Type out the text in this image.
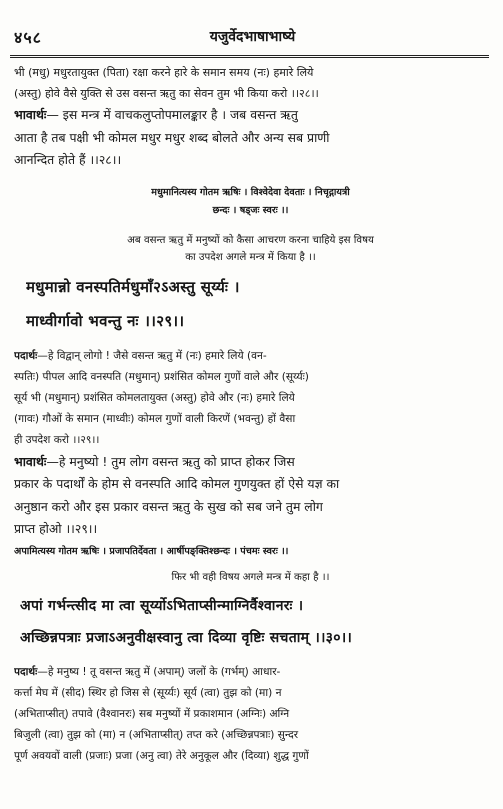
४५८	यजुर्वेदभाषाभाष्ये
भी (मधु) मधुरतायुक्त (पिता) रक्षा करने हारे के समान समय (नः) हमारे लिये
(अस्तु) होवे वैसे युक्ति से उस वसन्त ऋतु का सेवन तुम भी किया करो ।।२८।।
भावार्थः— इस मन्त्र में वाचकलुप्तोपमालङ्कार है । जब वसन्त ऋतु
आता है तब पक्षी भी कोमल मधुर मधुर शब्द बोलते और अन्य सब प्राणी
आनन्दित होते हैं ।।२८।।
मधुमानित्यस्य गोतम ऋषिः । विश्वेदेवा देवताः । निचृद्गायत्री
छन्दः । षड्जः स्वरः ।।
अब वसन्त ऋतु में मनुष्यों को कैसा आचरण करना चाहिये इस विषय
का उपदेश अगले मन्त्र में किया है ।।
मधुमान्नो वनस्पतिर्मधुमाँ२ऽअस्तु सूर्य्यः ।
माध्वीर्गावो भवन्तु नः ।।२९।।
पदार्थः—हे विद्वान् लोगो ! जैसे वसन्त ऋतु में (नः) हमारे लिये (वन-
स्पतिः) पीपल आदि वनस्पति (मधुमान्) प्रशंसित कोमल गुणों वाले और (सूर्य्यः)
सूर्य भी (मधुमान्) प्रशंसित कोमलतायुक्त (अस्तु) होवे और (नः) हमारे लिये
(गावः) गौओं के समान (माध्वीः) कोमल गुणों वाली किरणें (भवन्तु) हों वैसा
ही उपदेश करो ।।२९।।
भावार्थः—हे मनुष्यो ! तुम लोग वसन्त ऋतु को प्राप्त होकर जिस
प्रकार के पदार्थों के होम से वनस्पति आदि कोमल गुणयुक्त हों ऐसे यज्ञ का
अनुष्ठान करो और इस प्रकार वसन्त ऋतु के सुख को सब जने तुम लोग
प्राप्त होओ ।।२९।।
अपामित्यस्य गोतम ऋषिः । प्रजापतिर्देवता । आर्षीपङ्क्तिश्छन्दः । पंचमः स्वरः ।।
फिर भी वही विषय अगले मन्त्र में कहा है ।।
अपां गर्भन्त्सीद मा त्वा सूर्य्योऽभिताप्सीन्माग्निर्वैश्वानरः ।
अच्छिन्नपत्राः प्रजाऽअनुवीक्षस्वानु त्वा दिव्या वृष्टिः सचताम् ।।३०।।
पदार्थः—हे मनुष्य ! तू वसन्त ऋतु में (अपाम्) जलों के (गर्भम्) आधार-
कर्त्ता मेघ में (सीद) स्थिर हो जिस से (सूर्य्यः) सूर्य (त्वा) तुझ को (मा) न
(अभिताप्सीत्) तपावे (वैश्वानरः) सब मनुष्यों में प्रकाशमान (अग्निः) अग्नि
बिजुली (त्वा) तुझ को (मा) न (अभिताप्सीत्) तप्त करे (अच्छिन्नपत्राः) सुन्दर
पूर्ण अवयवों वाली (प्रजाः) प्रजा (अनु त्वा) तेरे अनुकूल और (दिव्या) शुद्ध गुणों
